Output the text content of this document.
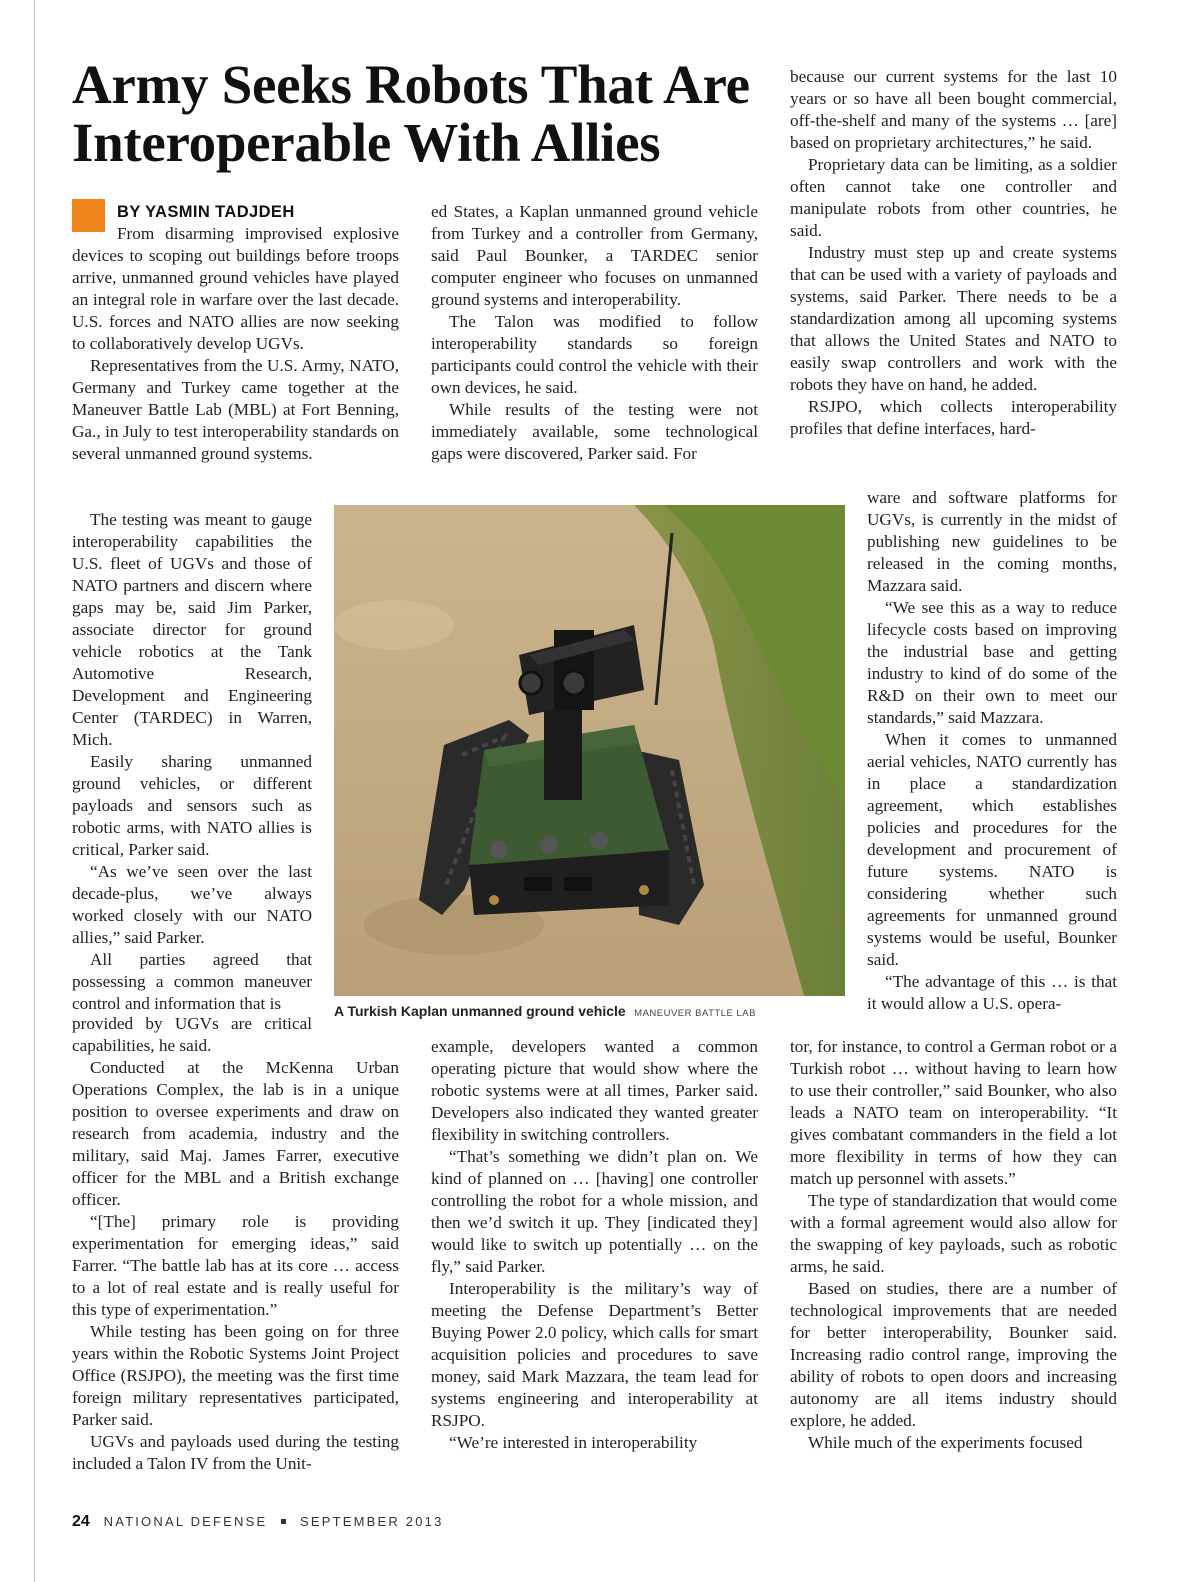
Army Seeks Robots That Are Interoperable With Allies
BY YASMIN TADJDEH

From disarming improvised explosive devices to scoping out buildings before troops arrive, unmanned ground vehicles have played an integral role in warfare over the last decade. U.S. forces and NATO allies are now seeking to collaboratively develop UGVs.

Representatives from the U.S. Army, NATO, Germany and Turkey came together at the Maneuver Battle Lab (MBL) at Fort Benning, Ga., in July to test interoperability standards on several unmanned ground systems.

The testing was meant to gauge interoperability capabilities the U.S. fleet of UGVs and those of NATO partners and discern where gaps may be, said Jim Parker, associate director for ground vehicle robotics at the Tank Automotive Research, Development and Engineering Center (TARDEC) in Warren, Mich.

Easily sharing unmanned ground vehicles, or different payloads and sensors such as robotic arms, with NATO allies is critical, Parker said.

“As we’ve seen over the last decade-plus, we’ve always worked closely with our NATO allies,” said Parker.

All parties agreed that possessing a common maneuver control and information that is

provided by UGVs are critical capabilities, he said.

Conducted at the McKenna Urban Operations Complex, the lab is in a unique position to oversee experiments and draw on research from academia, industry and the military, said Maj. James Farrer, executive officer for the MBL and a British exchange officer.

“[The] primary role is providing experimentation for emerging ideas,” said Farrer. “The battle lab has at its core … access to a lot of real estate and is really useful for this type of experimentation.”

While testing has been going on for three years within the Robotic Systems Joint Project Office (RSJPO), the meeting was the first time foreign military representatives participated, Parker said.

UGVs and payloads used during the testing included a Talon IV from the Unit-

ed States, a Kaplan unmanned ground vehicle from Turkey and a controller from Germany, said Paul Bounker, a TARDEC senior computer engineer who focuses on unmanned ground systems and interoperability.

The Talon was modified to follow interoperability standards so foreign participants could control the vehicle with their own devices, he said.

While results of the testing were not immediately available, some technological gaps were discovered, Parker said. For

example, developers wanted a common operating picture that would show where the robotic systems were at all times, Parker said. Developers also indicated they wanted greater flexibility in switching controllers.

“That’s something we didn’t plan on. We kind of planned on … [having] one controller controlling the robot for a whole mission, and then we’d switch it up. They [indicated they] would like to switch up potentially … on the fly,” said Parker.

Interoperability is the military’s way of meeting the Defense Department’s Better Buying Power 2.0 policy, which calls for smart acquisition policies and procedures to save money, said Mark Mazzara, the team lead for systems engineering and interoperability at RSJPO.

“We’re interested in interoperability

because our current systems for the last 10 years or so have all been bought commercial, off-the-shelf and many of the systems … [are] based on proprietary architectures,” he said.

Proprietary data can be limiting, as a soldier often cannot take one controller and manipulate robots from other countries, he said.

Industry must step up and create systems that can be used with a variety of payloads and systems, said Parker. There needs to be a standardization among all upcoming systems that allows the United States and NATO to easily swap controllers and work with the robots they have on hand, he added.

RSJPO, which collects interoperability profiles that define interfaces, hard-

ware and software platforms for UGVs, is currently in the midst of publishing new guidelines to be released in the coming months, Mazzara said.

“We see this as a way to reduce lifecycle costs based on improving the industrial base and getting industry to kind of do some of the R&D on their own to meet our standards,” said Mazzara.

When it comes to unmanned aerial vehicles, NATO currently has in place a standardization agreement, which establishes policies and procedures for the development and procurement of future systems. NATO is considering whether such agreements for unmanned ground systems would be useful, Bounker said.

“The advantage of this … is that it would allow a U.S. opera-

tor, for instance, to control a German robot or a Turkish robot … without having to learn how to use their controller,” said Bounker, who also leads a NATO team on interoperability. “It gives combatant commanders in the field a lot more flexibility in terms of how they can match up personnel with assets.”

The type of standardization that would come with a formal agreement would also allow for the swapping of key payloads, such as robotic arms, he said.

Based on studies, there are a number of technological improvements that are needed for better interoperability, Bounker said. Increasing radio control range, improving the ability of robots to open doors and increasing autonomy are all items industry should explore, he added.

While much of the experiments focused

A Turkish Kaplan unmanned ground vehicle MANEUVER BATTLE LAB
24 NATIONAL DEFENSE	SEPTEMBER 2013
